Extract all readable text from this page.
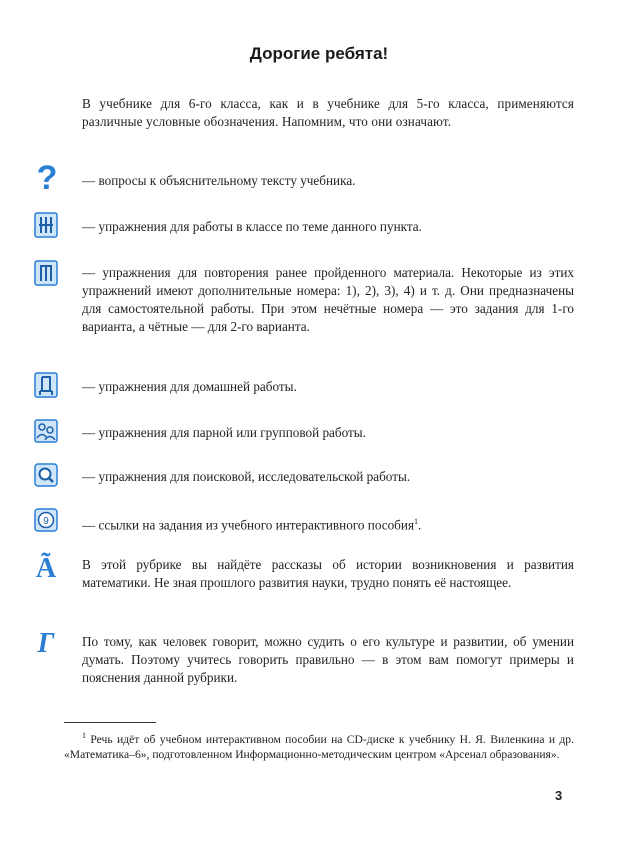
Дорогие ребята!
В учебнике для 6-го класса, как и в учебнике для 5-го класса, применяются различные условные обозначения. Напомним, что они означают.
? — вопросы к объяснительному тексту учебника.
— упражнения для работы в классе по теме данного пункта.
— упражнения для повторения ранее пройденного материала. Некоторые из этих упражнений имеют дополнительные номера: 1), 2), 3), 4) и т. д. Они предназначены для самостоятельной работы. При этом нечётные номера — это задания для 1-го варианта, а чётные — для 2-го варианта.
— упражнения для домашней работы.
— упражнения для парной или групповой работы.
— упражнения для поисковой, исследовательской работы.
9	— ссылки на задания из учебного интерактивного пособия$^1$.
Ã В этой рубрике вы найдёте рассказы об истории возникновения и развития математики. Не зная прошлого развития науки, трудно понять её настоящее.
Г По тому, как человек говорит, можно судить о его культуре и развитии, об умении думать. Поэтому учитесь говорить правильно — в этом вам помогут примеры и пояснения данной рубрики.
$^1$ Речь идёт об учебном интерактивном пособии на CD-диске к учебнику Н. Я. Виленкина и др. «Математика–6», подготовленном Информационно-методическим центром «Арсенал образования».
3
